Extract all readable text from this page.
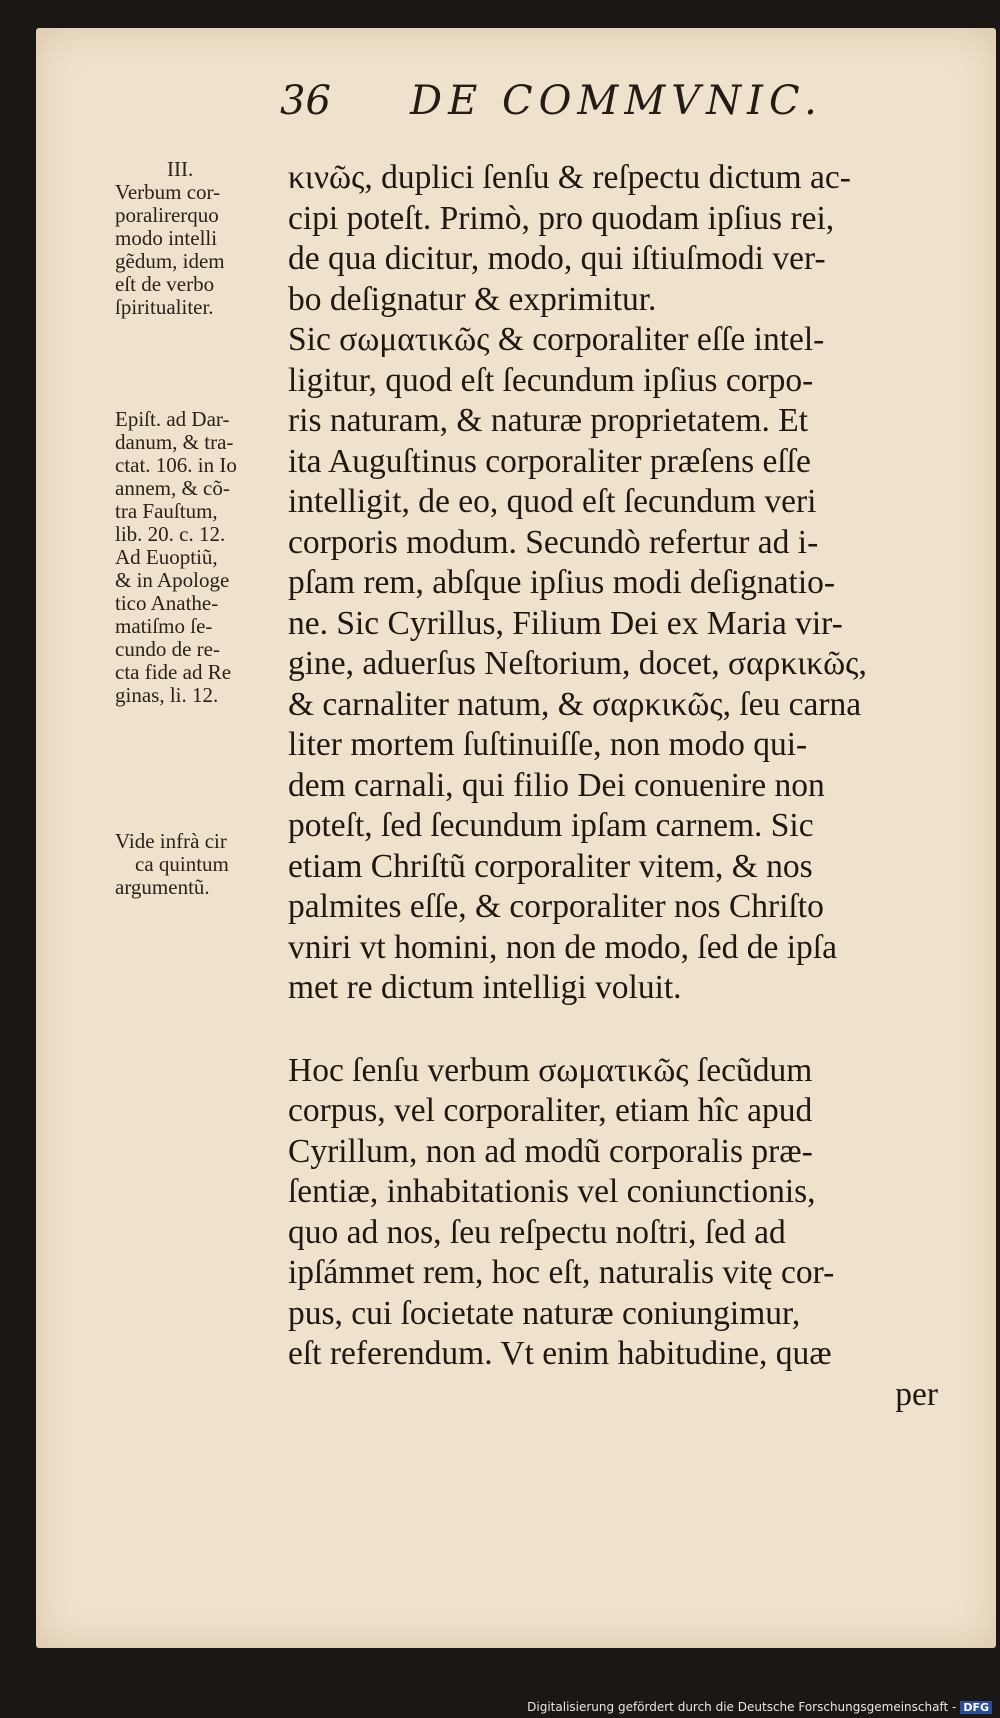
36 DE COMMVNIC.
III.
Verbum cor-
poralirerquo
modo intelli
gẽdum, idem
eſt de verbo
ſpiritualiter.
Epiſt. ad Dar-
danum, & tra-
ctat. 106. in Io
annem, & cõ-
tra Fauſtum,
lib. 20. c. 12.
Ad Euoptiũ,
& in Apologe
tico Anathe-
matiſmo ſe-
cundo de re-
cta fide ad Re
ginas, li. 12.
Vide infrà cir
ca quintum
argumentũ.
κινῶς, duplici ſenſu & reſpectu dictum ac-
cipi poteſt. Primò, pro quodam ipſius rei,
de qua dicitur, modo, qui iſtiuſmodi ver-
bo deſignatur & exprimitur.
Sic σωματικῶς & corporaliter eſſe intel-
ligitur, quod eſt ſecundum ipſius corpo-
ris naturam, & naturæ proprietatem. Et
ita Auguſtinus corporaliter præſens eſſe
intelligit, de eo, quod eſt ſecundum veri
corporis modum. Secundò refertur ad i-
pſam rem, abſque ipſius modi deſignatio-
ne. Sic Cyrillus, Filium Dei ex Maria vir-
gine, aduerſus Neſtorium, docet, σαρκικῶς,
& carnaliter natum, & σαρκικῶς, ſeu carna
liter mortem ſuſtinuiſſe, non modo qui-
dem carnali, qui filio Dei conuenire non
poteſt, ſed ſecundum ipſam carnem. Sic
etiam Chriſtũ corporaliter vitem, & nos
palmites eſſe, & corporaliter nos Chriſto
vniri vt homini, non de modo, ſed de ipſa
met re dictum intelligi voluit.
Hoc ſenſu verbum σωματικῶς ſecũdum
corpus, vel corporaliter, etiam hîc apud
Cyrillum, non ad modũ corporalis præ-
ſentiæ, inhabitationis vel coniunctionis,
quo ad nos, ſeu reſpectu noſtri, ſed ad
ipſámmet rem, hoc eſt, naturalis vitę cor-
pus, cui ſocietate naturæ coniungimur,
eſt referendum. Vt enim habitudine, quæ
per
Digitalisierung gefördert durch die Deutsche Forschungsgemeinschaft - DFG
